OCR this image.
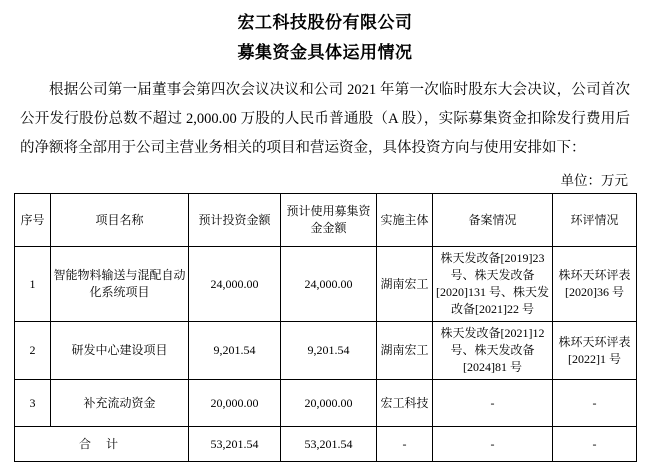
宏工科技股份有限公司
募集资金具体运用情况
根据公司第一届董事会第四次会议决议和公司 2021 年第一次临时股东大会决议，公司首次公开发行股份总数不超过 2,000.00 万股的人民币普通股（A 股），实际募集资金扣除发行费用后的净额将全部用于公司主营业务相关的项目和营运资金，具体投资方向与使用安排如下：
单位：万元
序号	项目名称	预计投资金额	预计使用募集资金金额	实施主体	备案情况	环评情况
1	智能物料输送与混配自动化系统项目	24,000.00	24,000.00	湖南宏工	株天发改备[2019]23 号、株天发改备[2020]131 号、株天发改备[2021]22 号	株环天环评表[2020]36 号
2	研发中心建设项目	9,201.54	9,201.54	湖南宏工	株天发改备[2021]12 号、株天发改备[2024]81 号	株环天环评表[2022]1 号
3	补充流动资金	20,000.00	20,000.00	宏工科技	-	-
合 计		53,201.54	53,201.54	-	-	-
